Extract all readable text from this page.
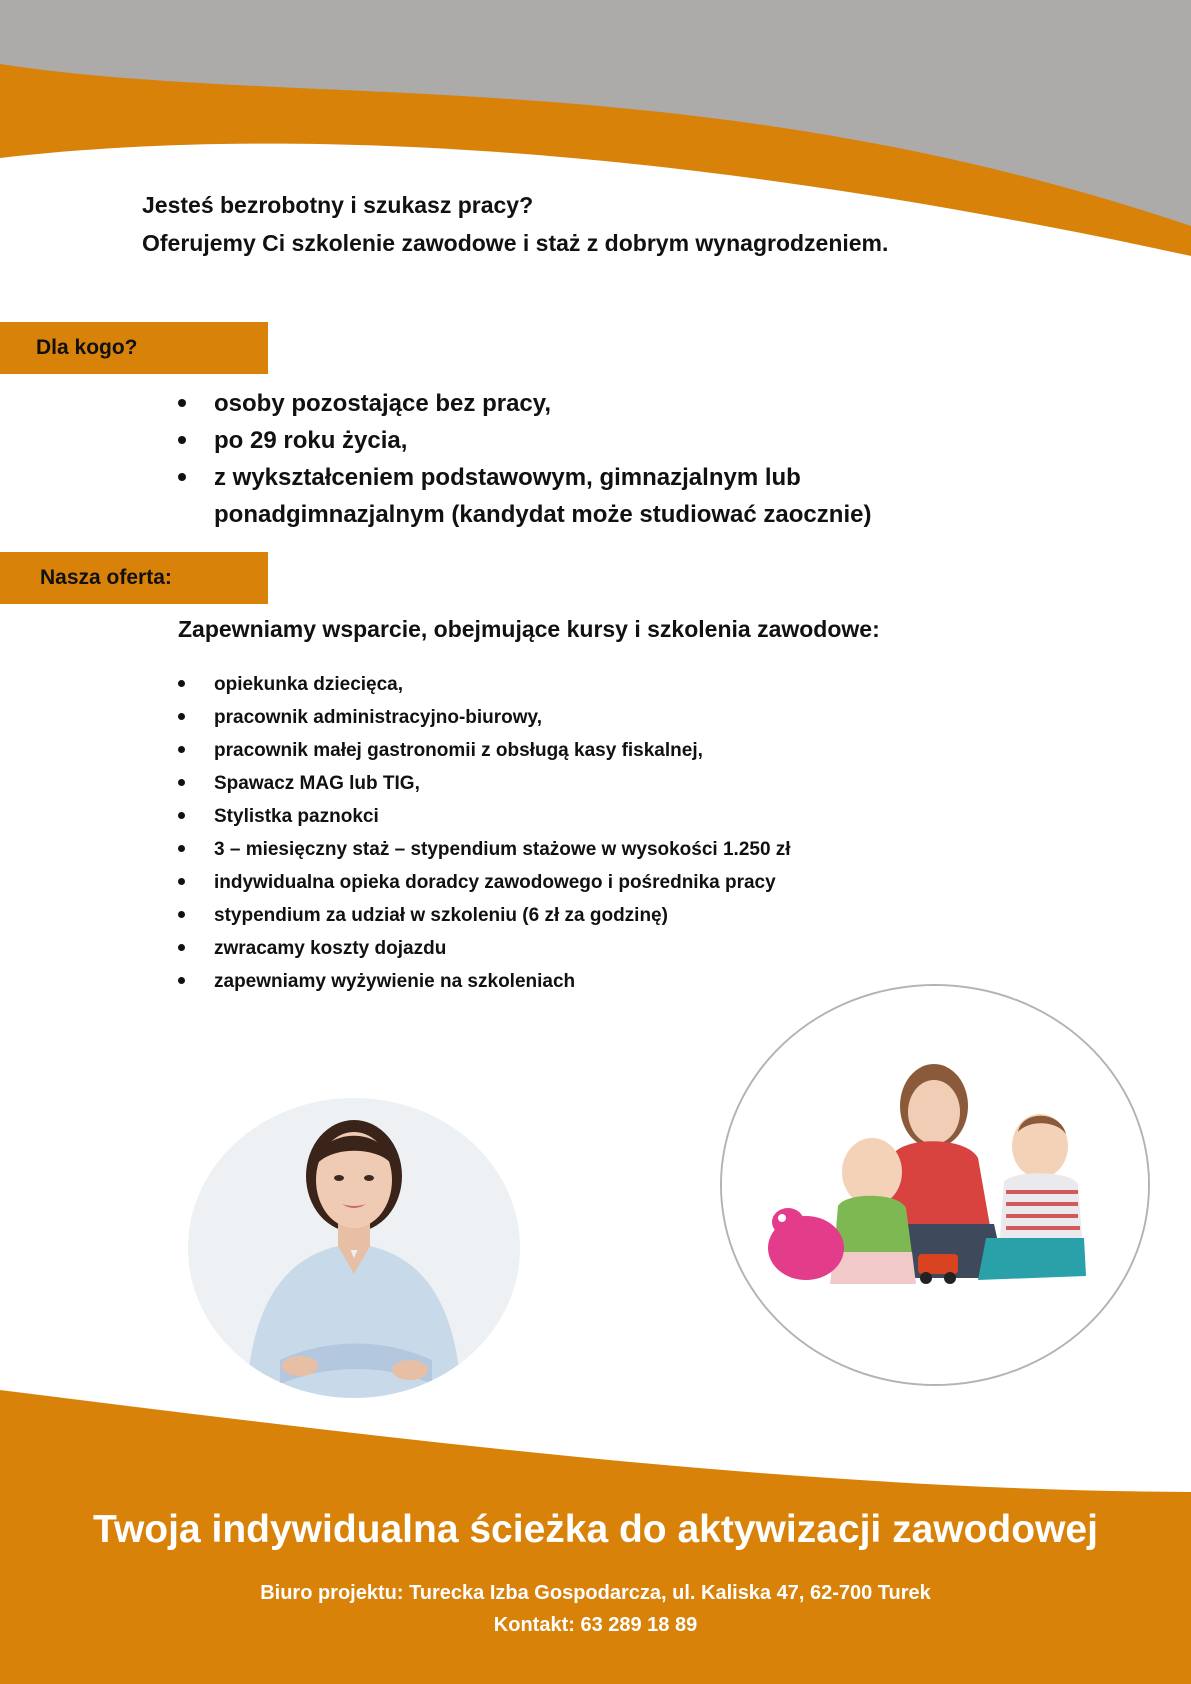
Jesteś bezrobotny i szukasz pracy?
Oferujemy Ci szkolenie zawodowe i staż z dobrym wynagrodzeniem.
Dla kogo?
osoby pozostające bez pracy,
po 29 roku życia,
z wykształceniem podstawowym, gimnazjalnym lub ponadgimnazjalnym (kandydat może studiować zaocznie)
Nasza oferta:
Zapewniamy wsparcie, obejmujące kursy i szkolenia zawodowe:
opiekunka dziecięca,
pracownik administracyjno-biurowy,
pracownik małej gastronomii z obsługą kasy fiskalnej,
Spawacz MAG lub TIG,
Stylistka paznokci
3 – miesięczny staż – stypendium stażowe w wysokości 1.250 zł
indywidualna opieka doradcy zawodowego i pośrednika pracy
stypendium za udział w szkoleniu (6 zł za godzinę)
zwracamy koszty dojazdu
zapewniamy wyżywienie na szkoleniach
Twoja indywidualna ścieżka do aktywizacji zawodowej
Biuro projektu: Turecka Izba Gospodarcza, ul. Kaliska 47, 62-700 Turek
Kontakt: 63 289 18 89
